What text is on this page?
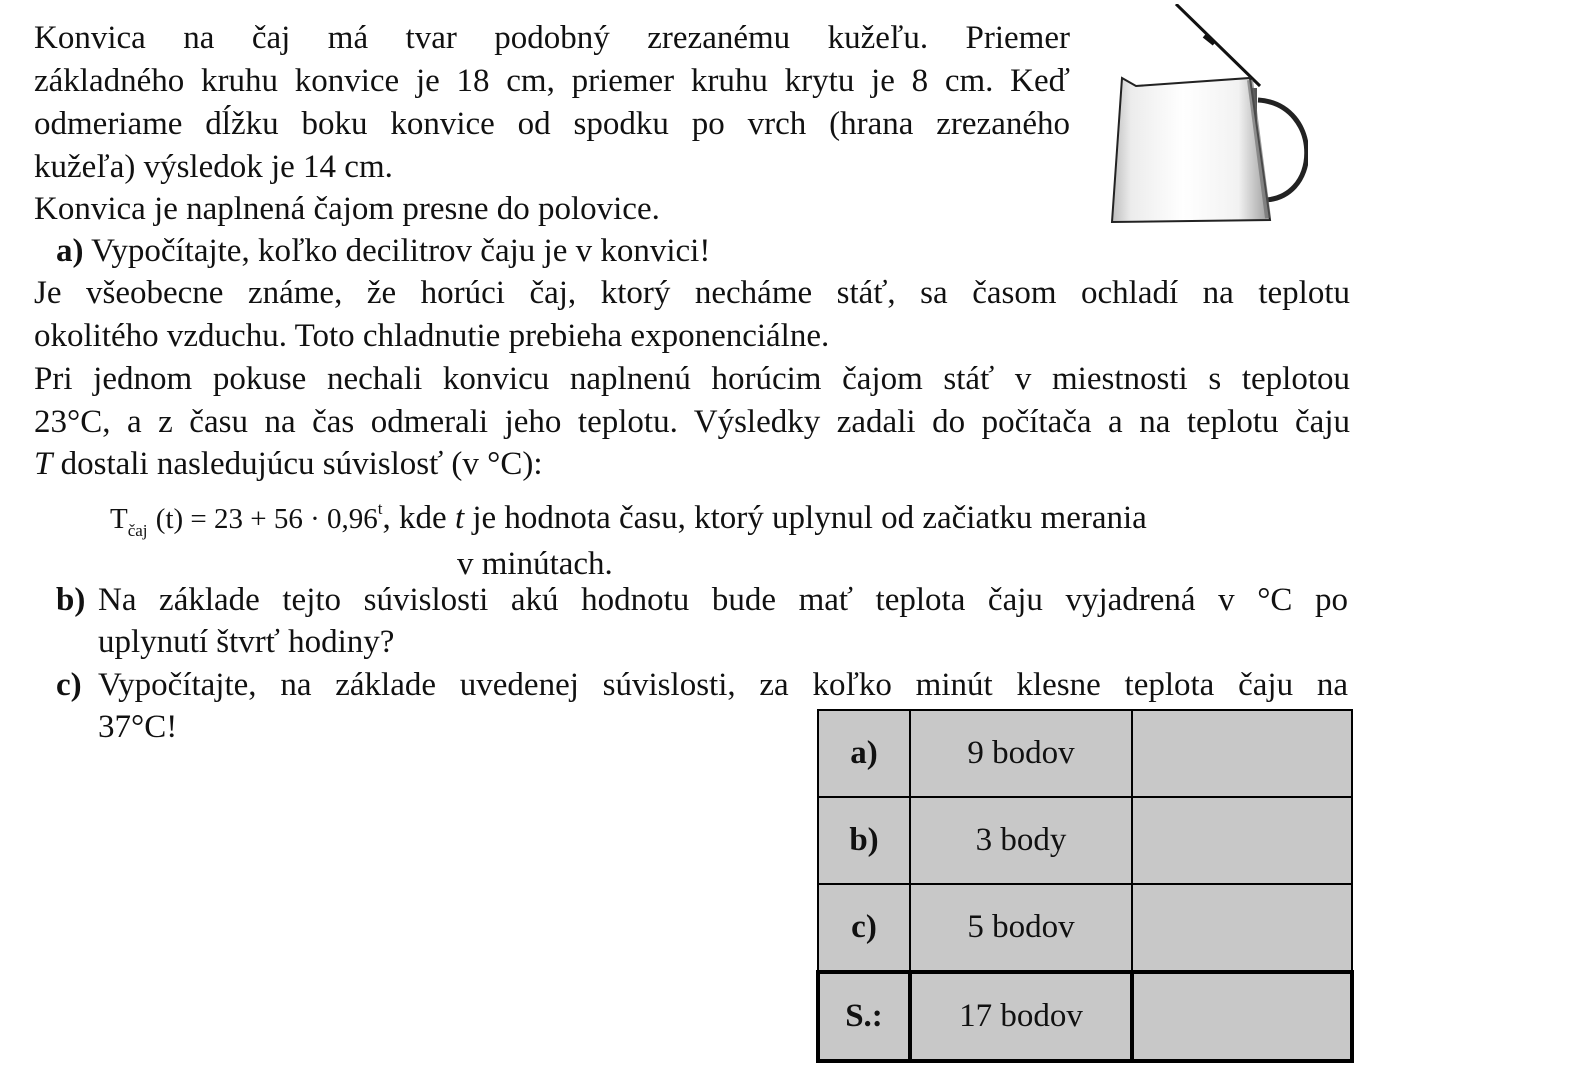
Konvica na čaj má tvar podobný zrezanému kužeľu. Priemer
základného kruhu konvice je 18 cm, priemer kruhu krytu je 8 cm. Keď
odmeriame dĺžku boku konvice od spodku po vrch (hrana zrezaného
kužeľa) výsledok je 14 cm.
Konvica je naplnená čajom presne do polovice.
a) Vypočítajte, koľko decilitrov čaju je v konvici!
Je všeobecne známe, že horúci čaj, ktorý necháme stáť, sa časom ochladí na teplotu
okolitého vzduchu. Toto chladnutie prebieha exponenciálne.
Pri jednom pokuse nechali konvicu naplnenú horúcim čajom stáť v miestnosti s teplotou
23°C, a z času na čas odmerali jeho teplotu. Výsledky zadali do počítača a na teplotu čaju
T dostali nasledujúcu súvislosť (v °C):
$T_{čaj}$ $(t) = 23 + 56 \cdot 0,96^t$, kde t je hodnota času, ktorý uplynul od začiatku merania
v minútach.
b) Na základe tejto súvislosti akú hodnotu bude mať teplota čaju vyjadrená v °C po
uplynutí štvrť hodiny?
c) Vypočítajte, na základe uvedenej súvislosti, za koľko minút klesne teplota čaju na
37°C!
a)	9 bodov	
b)	3 body	
c)	5 bodov	
S.:	17 bodov	
